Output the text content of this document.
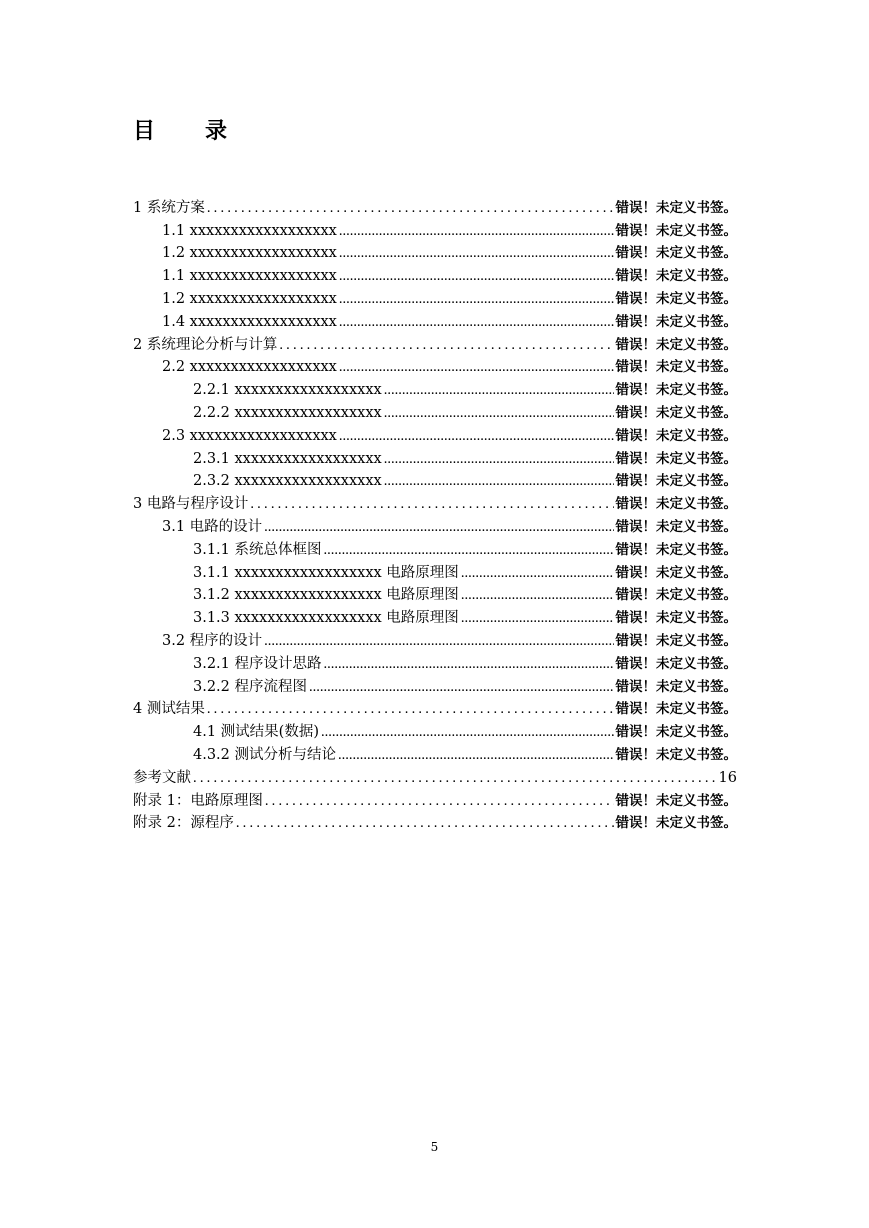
目 录
1 系统方案 .....	错误！未定义书签。
1.1 xxxxxxxxxxxxxxxxxx .....	错误！未定义书签。
1.2 xxxxxxxxxxxxxxxxxx .....	错误！未定义书签。
1.1 xxxxxxxxxxxxxxxxxx .....	错误！未定义书签。
1.2 xxxxxxxxxxxxxxxxxx .....	错误！未定义书签。
1.4 xxxxxxxxxxxxxxxxxx .....	错误！未定义书签。
2 系统理论分析与计算 .....	错误！未定义书签。
2.2 xxxxxxxxxxxxxxxxxx .....	错误！未定义书签。
2.2.1 xxxxxxxxxxxxxxxxxx .....	错误！未定义书签。
2.2.2 xxxxxxxxxxxxxxxxxx .....	错误！未定义书签。
2.3 xxxxxxxxxxxxxxxxxx .....	错误！未定义书签。
2.3.1 xxxxxxxxxxxxxxxxxx .....	错误！未定义书签。
2.3.2 xxxxxxxxxxxxxxxxxx .....	错误！未定义书签。
3 电路与程序设计 .....	错误！未定义书签。
3.1 电路的设计 .....	错误！未定义书签。
3.1.1 系统总体框图 .....	错误！未定义书签。
3.1.1 xxxxxxxxxxxxxxxxxx 电路原理图 .....	错误！未定义书签。
3.1.2 xxxxxxxxxxxxxxxxxx 电路原理图 .....	错误！未定义书签。
3.1.3 xxxxxxxxxxxxxxxxxx 电路原理图 .....	错误！未定义书签。
3.2 程序的设计 .....	错误！未定义书签。
3.2.1 程序设计思路 .....	错误！未定义书签。
3.2.2 程序流程图 .....	错误！未定义书签。
4 测试结果 .....	错误！未定义书签。
4.1 测试结果(数据) .....	错误！未定义书签。
4.3.2 测试分析与结论 .....	错误！未定义书签。
参考文献 .....	16
附录 1：电路原理图 .....	错误！未定义书签。
附录 2：源程序 .....	错误！未定义书签。
5
